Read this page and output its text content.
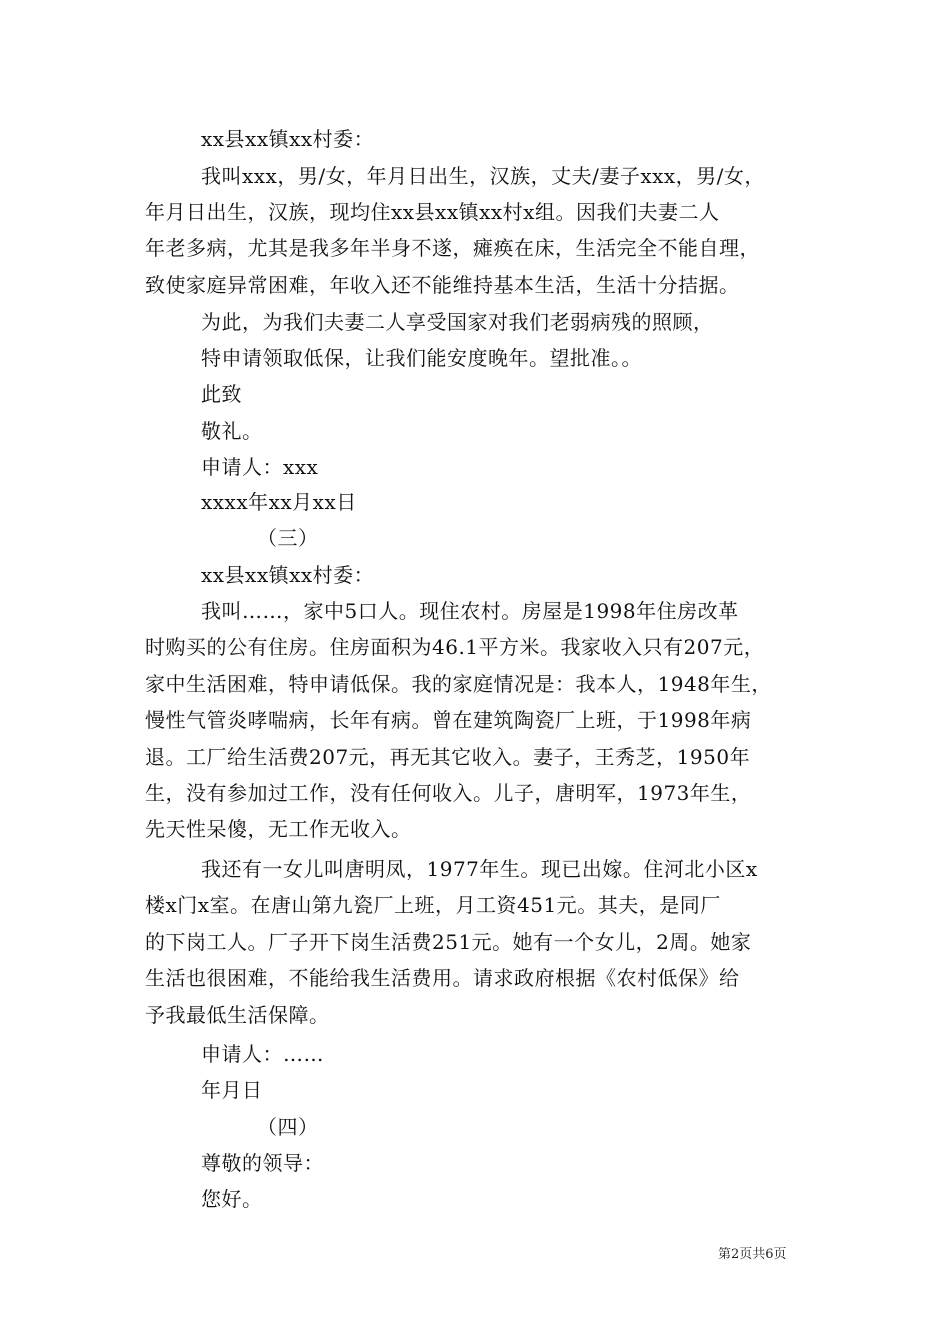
xx县xx镇xx村委：
我叫xxx，男/女，年月日出生，汉族，丈夫/妻子xxx，男/女，
年月日出生，汉族，现均住xx县xx镇xx村x组。因我们夫妻二人
年老多病，尤其是我多年半身不遂，瘫痪在床，生活完全不能自理，
致使家庭异常困难，年收入还不能维持基本生活，生活十分拮据。
为此，为我们夫妻二人享受国家对我们老弱病残的照顾，
特申请领取低保，让我们能安度晚年。望批准。。
此致
敬礼。
申请人：xxx
xxxx年xx月xx日
（三）
xx县xx镇xx村委：
我叫……，家中5口人。现住农村。房屋是1998年住房改革
时购买的公有住房。住房面积为46.1平方米。我家收入只有207元，
家中生活困难，特申请低保。我的家庭情况是：我本人，1948年生，
慢性气管炎哮喘病，长年有病。曾在建筑陶瓷厂上班，于1998年病
退。工厂给生活费207元，再无其它收入。妻子，王秀芝，1950年
生，没有参加过工作，没有任何收入。儿子，唐明军，1973年生，
先天性呆傻，无工作无收入。
我还有一女儿叫唐明凤，1977年生。现已出嫁。住河北小区x
楼x门x室。在唐山第九瓷厂上班，月工资451元。其夫，是同厂
的下岗工人。厂子开下岗生活费251元。她有一个女儿，2周。她家
生活也很困难，不能给我生活费用。请求政府根据《农村低保》给
予我最低生活保障。
申请人：……
年月日
（四）
尊敬的领导：
您好。
第2页共6页
